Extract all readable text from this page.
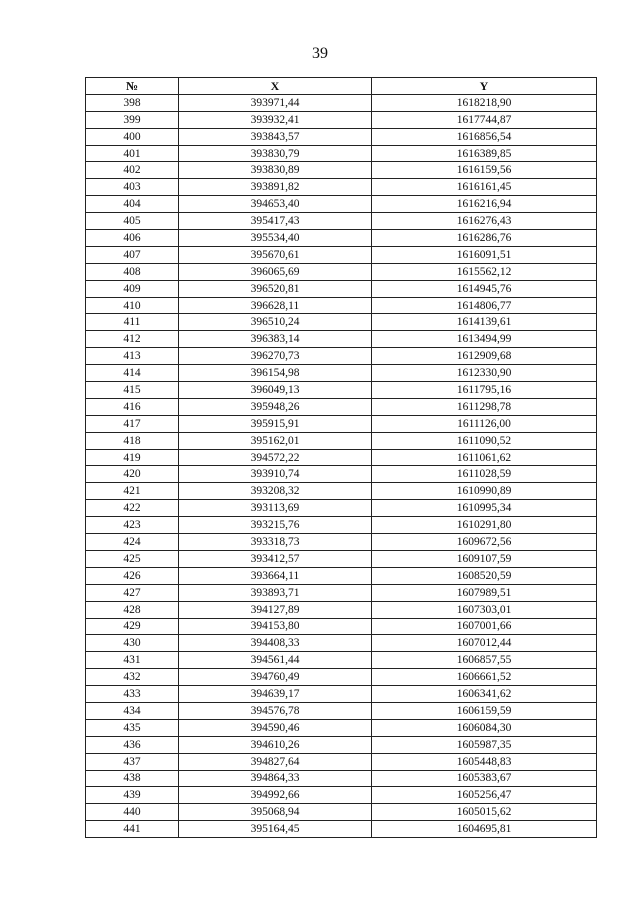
39
№	X	Y
398	393971,44	1618218,90
399	393932,41	1617744,87
400	393843,57	1616856,54
401	393830,79	1616389,85
402	393830,89	1616159,56
403	393891,82	1616161,45
404	394653,40	1616216,94
405	395417,43	1616276,43
406	395534,40	1616286,76
407	395670,61	1616091,51
408	396065,69	1615562,12
409	396520,81	1614945,76
410	396628,11	1614806,77
411	396510,24	1614139,61
412	396383,14	1613494,99
413	396270,73	1612909,68
414	396154,98	1612330,90
415	396049,13	1611795,16
416	395948,26	1611298,78
417	395915,91	1611126,00
418	395162,01	1611090,52
419	394572,22	1611061,62
420	393910,74	1611028,59
421	393208,32	1610990,89
422	393113,69	1610995,34
423	393215,76	1610291,80
424	393318,73	1609672,56
425	393412,57	1609107,59
426	393664,11	1608520,59
427	393893,71	1607989,51
428	394127,89	1607303,01
429	394153,80	1607001,66
430	394408,33	1607012,44
431	394561,44	1606857,55
432	394760,49	1606661,52
433	394639,17	1606341,62
434	394576,78	1606159,59
435	394590,46	1606084,30
436	394610,26	1605987,35
437	394827,64	1605448,83
438	394864,33	1605383,67
439	394992,66	1605256,47
440	395068,94	1605015,62
441	395164,45	1604695,81
